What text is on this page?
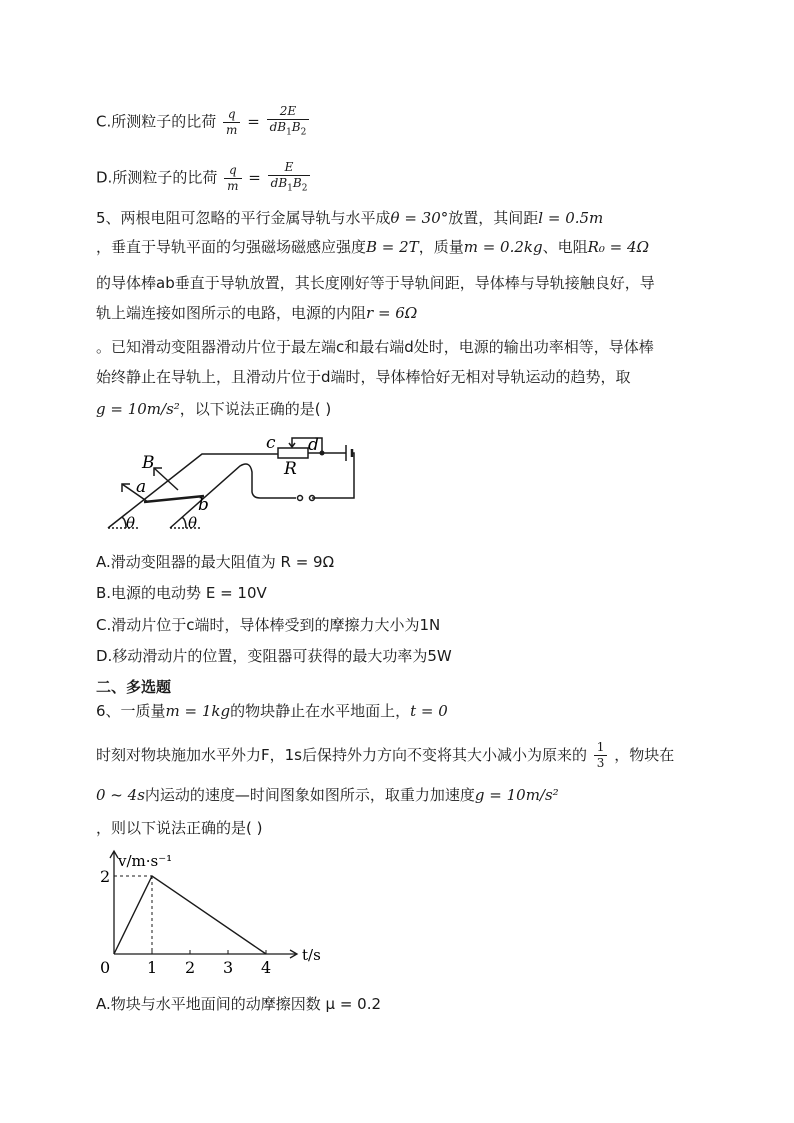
C.所测粒子的比荷 $\frac{q}{m} = \frac{2E}{dB_1B_2}$
D.所测粒子的比荷 $\frac{q}{m} = \frac{E}{dB_1B_2}$
5、两根电阻可忽略的平行金属导轨与水平成θ = 30°放置，其间距l = 0.5m
，垂直于导轨平面的匀强磁场磁感应强度B = 2T，质量m = 0.2kg、电阻R₀ = 4Ω
的导体棒ab垂直于导轨放置，其长度刚好等于导轨间距，导体棒与导轨接触良好，导
轨上端连接如图所示的电路，电源的内阻r = 6Ω
。已知滑动变阻器滑动片位于最左端c和最右端d处时，电源的输出功率相等，导体棒
始终静止在导轨上，且滑动片位于d端时，导体棒恰好无相对导轨运动的趋势，取
g = 10m/s²，以下说法正确的是( )
B
a
b
c d
R
θ	θ
A.滑动变阻器的最大阻值为 R = 9Ω
B.电源的电动势 E = 10V
C.滑动片位于c端时，导体棒受到的摩擦力大小为1N
D.移动滑动片的位置，变阻器可获得的最大功率为5W
二、多选题
6、一质量m = 1kg的物块静止在水平地面上，t = 0
时刻对物块施加水平外力F，1s后保持外力方向不变将其大小减小为原来的 $\frac{1}{3}$ ，物块在
0 ~ 4s内运动的速度—时间图象如图所示，取重力加速度g = 10m/s²
，则以下说法正确的是( )
0 1 2 3 4
2
v/m·s⁻¹
t/s
A.物块与水平地面间的动摩擦因数 μ = 0.2
